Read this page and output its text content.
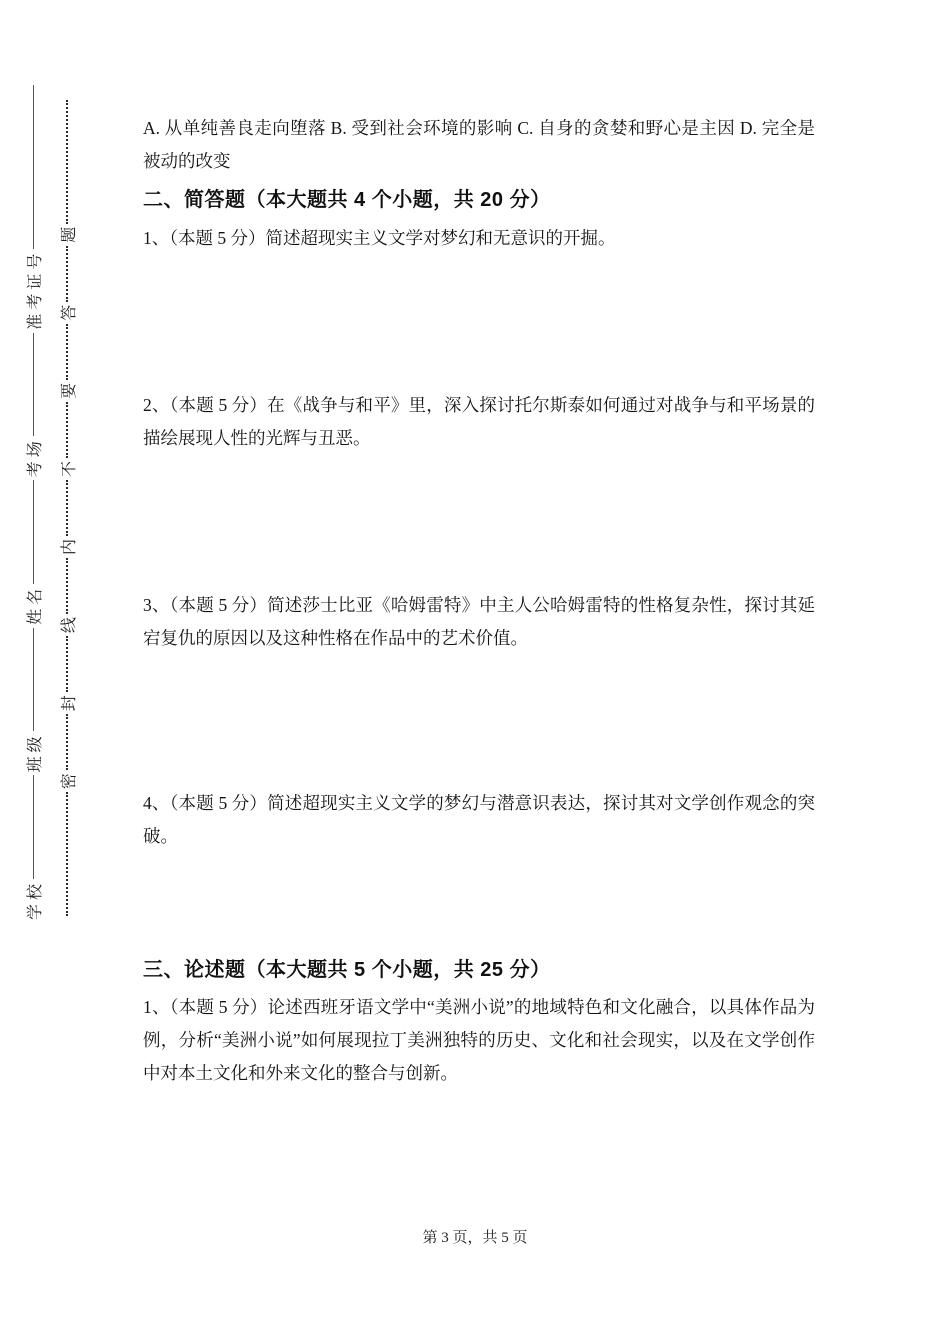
学校
班级
姓名
考场
准考证号
密
封
线
内
不
要
答
题

A. 从单纯善良走向堕落 B. 受到社会环境的影响 C. 自身的贪婪和野心是主因 D. 完全是被动的改变

二、简答题（本大题共 4 个小题，共 20 分）

1、（本题 5 分）简述超现实主义文学对梦幻和无意识的开掘。

2、（本题 5 分）在《战争与和平》里，深入探讨托尔斯泰如何通过对战争与和平场景的描绘展现人性的光辉与丑恶。

3、（本题 5 分）简述莎士比亚《哈姆雷特》中主人公哈姆雷特的性格复杂性，探讨其延宕复仇的原因以及这种性格在作品中的艺术价值。

4、（本题 5 分）简述超现实主义文学的梦幻与潜意识表达，探讨其对文学创作观念的突破。

三、论述题（本大题共 5 个小题，共 25 分）

1、（本题 5 分）论述西班牙语文学中“美洲小说”的地域特色和文化融合，以具体作品为例，分析“美洲小说”如何展现拉丁美洲独特的历史、文化和社会现实，以及在文学创作中对本土文化和外来文化的整合与创新。

第 3 页，共 5 页
